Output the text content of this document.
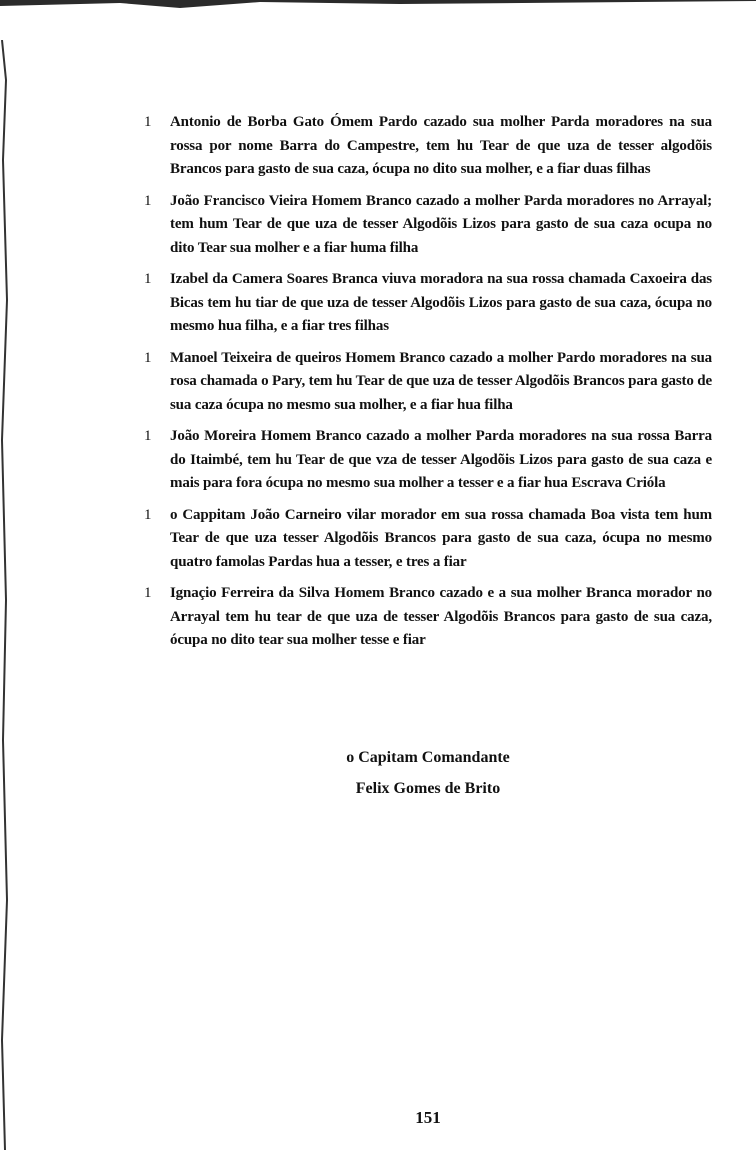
1	Antonio de Borba Gato Ómem Pardo cazado sua molher Parda moradores na sua rossa por nome Barra do Campestre, tem hu Tear de que uza de tesser algodõis Brancos para gasto de sua caza, ócupa no dito sua molher, e a fiar duas filhas
1	João Francisco Vieira Homem Branco cazado a molher Parda moradores no Arrayal; tem hum Tear de que uza de tesser Algodõis Lizos para gasto de sua caza ocupa no dito Tear sua molher e a fiar huma filha
1	Izabel da Camera Soares Branca viuva moradora na sua rossa chamada Caxoeira das Bicas tem hu tiar de que uza de tesser Algodõis Lizos para gasto de sua caza, ócupa no mesmo hua filha, e a fiar tres filhas
1	Manoel Teixeira de queiros Homem Branco cazado a molher Pardo moradores na sua rosa chamada o Pary, tem hu Tear de que uza de tesser Algodõis Brancos para gasto de sua caza ócupa no mesmo sua molher, e a fiar hua filha
1	João Moreira Homem Branco cazado a molher Parda moradores na sua rossa Barra do Itaimbé, tem hu Tear de que vza de tesser Algodõis Lizos para gasto de sua caza e mais para fora ócupa no mesmo sua molher a tesser e a fiar hua Escrava Crióla
1	o Cappitam João Carneiro vilar morador em sua rossa chamada Boa vista tem hum Tear de que uza tesser Algodõis Brancos para gasto de sua caza, ócupa no mesmo quatro famolas Pardas hua a tesser, e tres a fiar
1	Ignaçio Ferreira da Silva Homem Branco cazado e a sua molher Branca morador no Arrayal tem hu tear de que uza de tesser Algodõis Brancos para gasto de sua caza, ócupa no dito tear sua molher tesse e fiar
o Capitam Comandante
Felix Gomes de Brito
151
